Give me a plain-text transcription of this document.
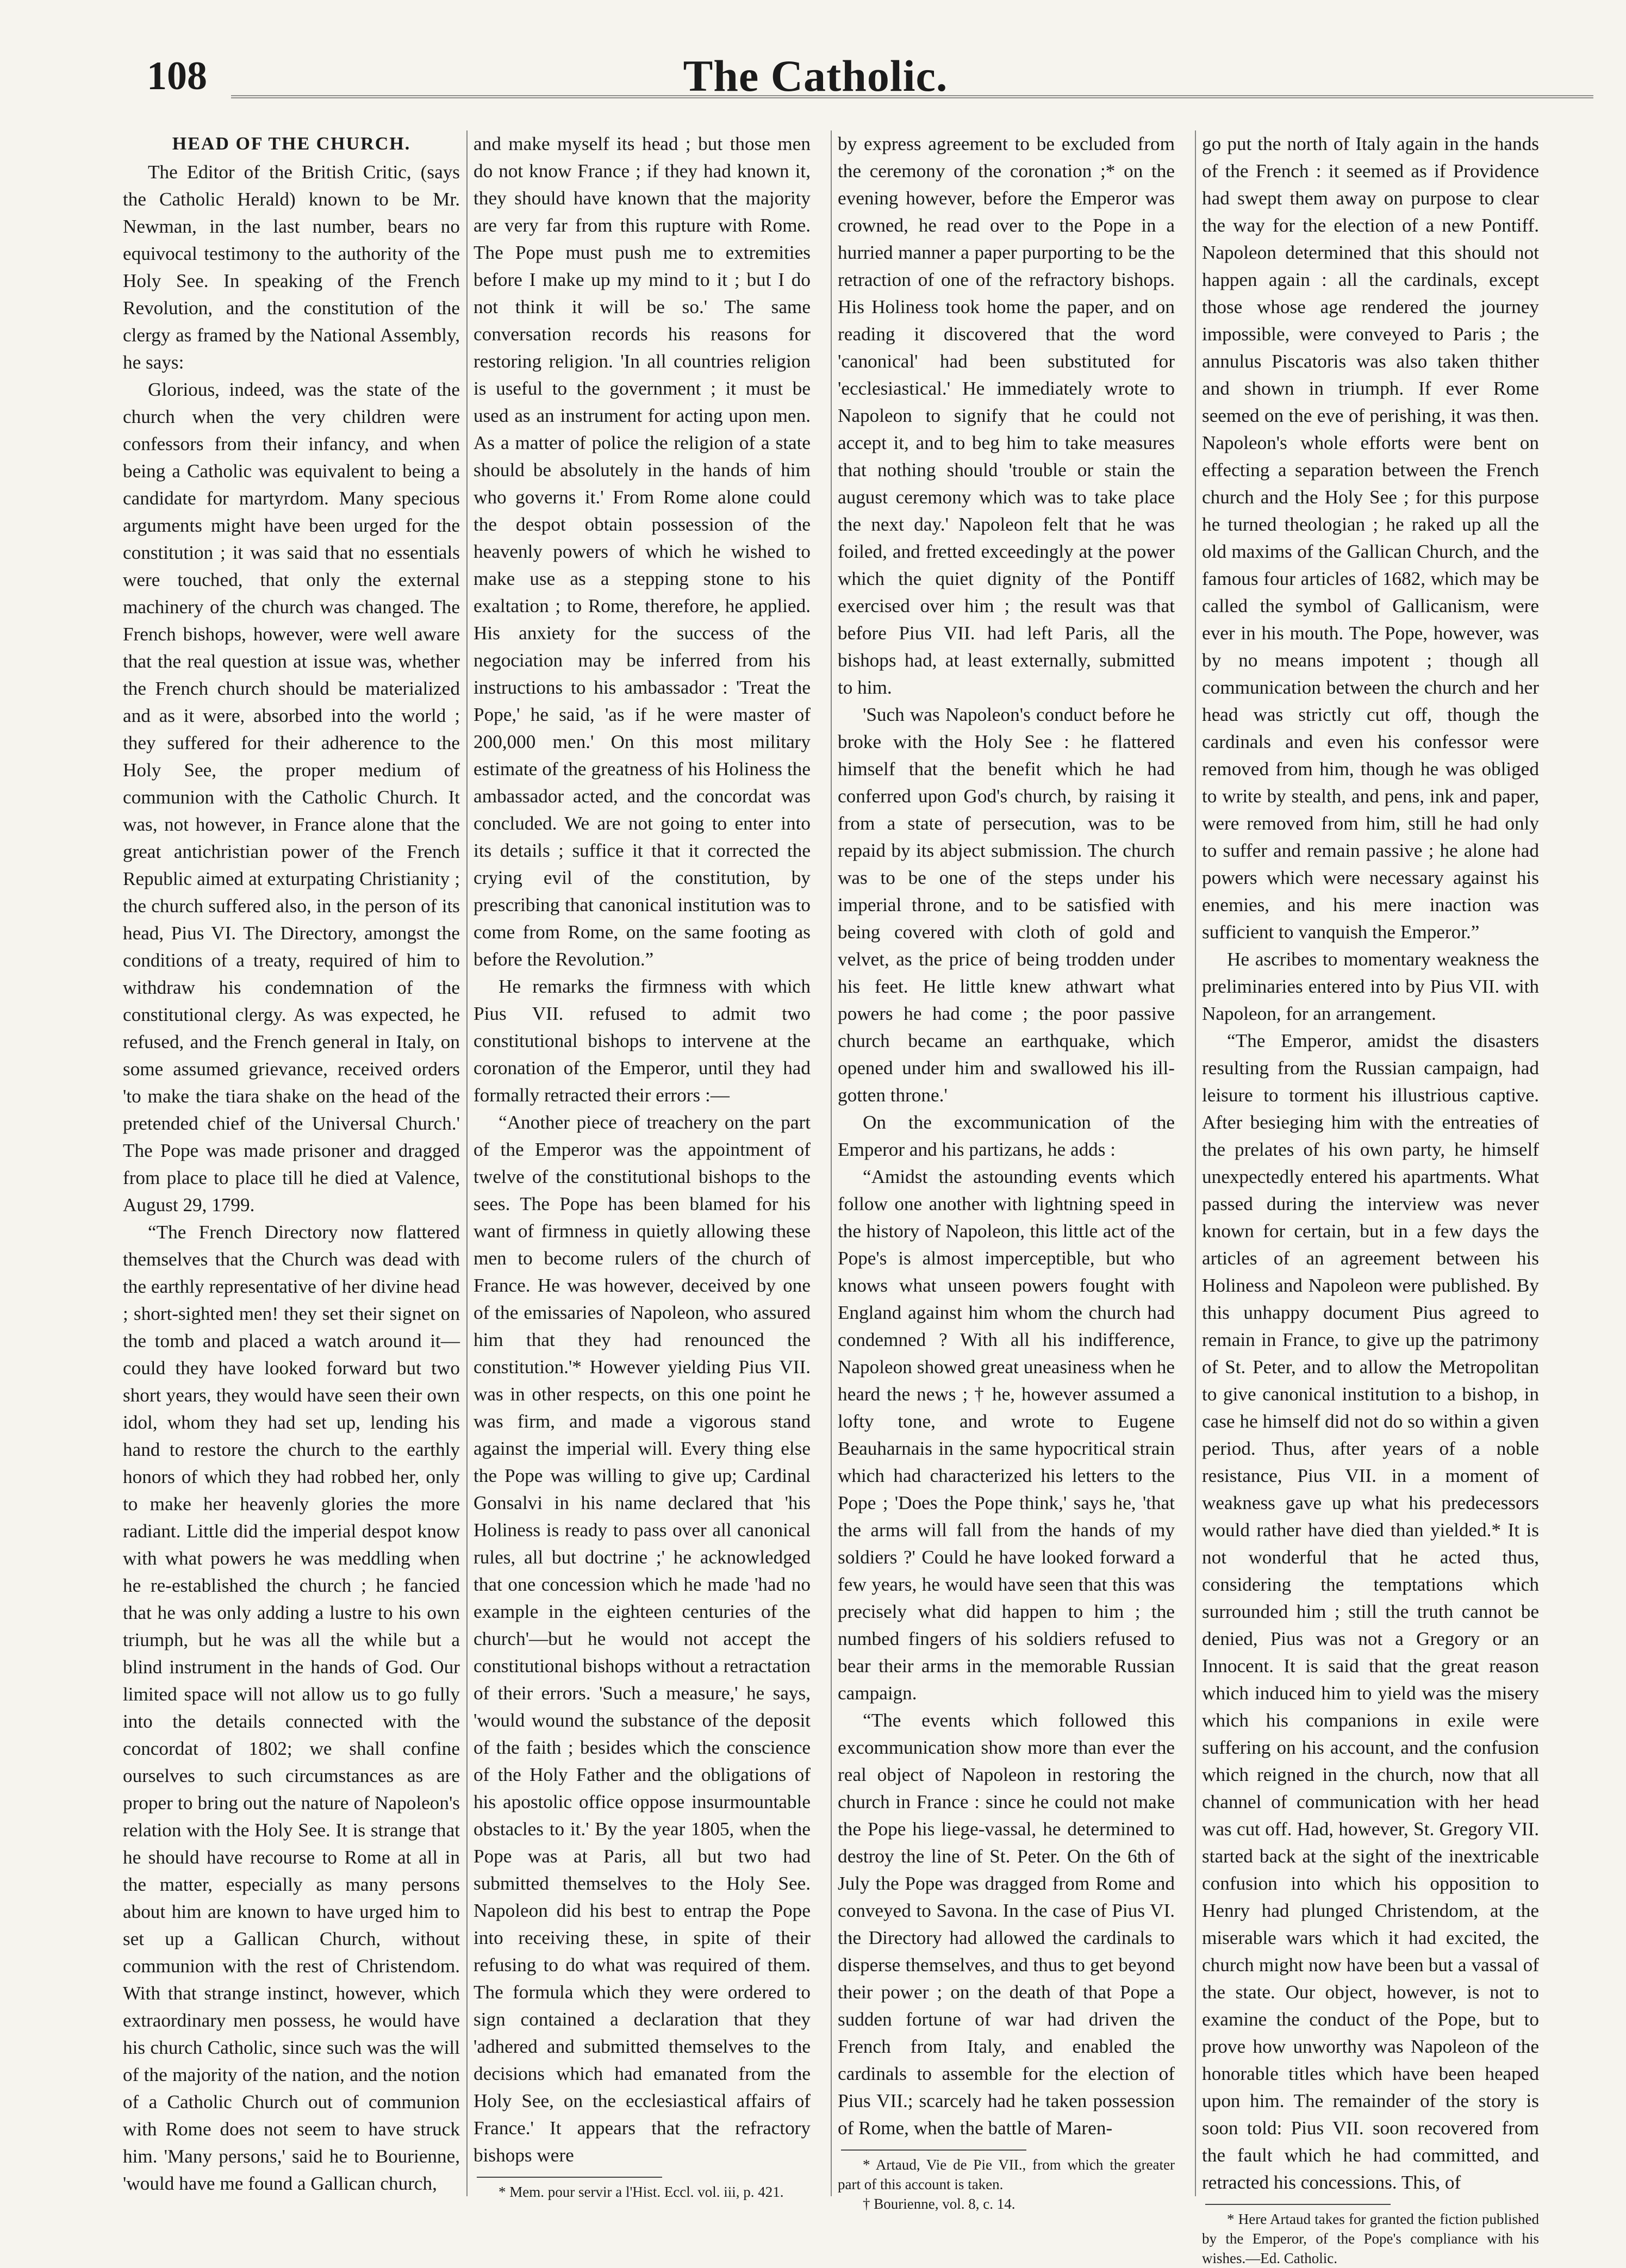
108	The Catholic.
HEAD OF THE CHURCH.

The Editor of the British Critic, (says the Catholic Herald) known to be Mr. Newman, in the last number, bears no equivocal testimony to the authority of the Holy See. In speaking of the French Revolution, and the constitution of the clergy as framed by the National Assembly, he says:

Glorious, indeed, was the state of the church when the very children were confessors from their infancy, and when being a Catholic was equivalent to being a candidate for martyrdom. Many specious arguments might have been urged for the constitution ; it was said that no essentials were touched, that only the external machinery of the church was changed. The French bishops, however, were well aware that the real question at issue was, whether the French church should be materialized and as it were, absorbed into the world ; they suffered for their adherence to the Holy See, the proper medium of communion with the Catholic Church. It was, not however, in France alone that the great antichristian power of the French Republic aimed at exturpating Christianity ; the church suffered also, in the person of its head, Pius VI. The Directory, amongst the conditions of a treaty, required of him to withdraw his condemnation of the constitutional clergy. As was expected, he refused, and the French general in Italy, on some assumed grievance, received orders 'to make the tiara shake on the head of the pretended chief of the Universal Church.' The Pope was made prisoner and dragged from place to place till he died at Valence, August 29, 1799.

“The French Directory now flattered themselves that the Church was dead with the earthly representative of her divine head ; short-sighted men! they set their signet on the tomb and placed a watch around it—could they have looked forward but two short years, they would have seen their own idol, whom they had set up, lending his hand to restore the church to the earthly honors of which they had robbed her, only to make her heavenly glories the more radiant. Little did the imperial despot know with what powers he was meddling when he re-established the church ; he fancied that he was only adding a lustre to his own triumph, but he was all the while but a blind instrument in the hands of God. Our limited space will not allow us to go fully into the details connected with the concordat of 1802; we shall confine ourselves to such circumstances as are proper to bring out the nature of Napoleon's relation with the Holy See. It is strange that he should have recourse to Rome at all in the matter, especially as many persons about him are known to have urged him to set up a Gallican Church, without communion with the rest of Christendom. With that strange instinct, however, which extraordinary men possess, he would have his church Catholic, since such was the will of the majority of the nation, and the notion of a Catholic Church out of communion with Rome does not seem to have struck him. 'Many persons,' said he to Bourienne, 'would have me found a Gallican church,

and make myself its head ; but those men do not know France ; if they had known it, they should have known that the majority are very far from this rupture with Rome. The Pope must push me to extremities before I make up my mind to it ; but I do not think it will be so.' The same conversation records his reasons for restoring religion. 'In all countries religion is useful to the government ; it must be used as an instrument for acting upon men. As a matter of police the religion of a state should be absolutely in the hands of him who governs it.' From Rome alone could the despot obtain possession of the heavenly powers of which he wished to make use as a stepping stone to his exaltation ; to Rome, therefore, he applied. His anxiety for the success of the negociation may be inferred from his instructions to his ambassador : 'Treat the Pope,' he said, 'as if he were master of 200,000 men.' On this most military estimate of the greatness of his Holiness the ambassador acted, and the concordat was concluded. We are not going to enter into its details ; suffice it that it corrected the crying evil of the constitution, by prescribing that canonical institution was to come from Rome, on the same footing as before the Revolution.”

He remarks the firmness with which Pius VII. refused to admit two constitutional bishops to intervene at the coronation of the Emperor, until they had formally retracted their errors :—

“Another piece of treachery on the part of the Emperor was the appointment of twelve of the constitutional bishops to the sees. The Pope has been blamed for his want of firmness in quietly allowing these men to become rulers of the church of France. He was however, deceived by one of the emissaries of Napoleon, who assured him that they had renounced the constitution.'* However yielding Pius VII. was in other respects, on this one point he was firm, and made a vigorous stand against the imperial will. Every thing else the Pope was willing to give up; Cardinal Gonsalvi in his name declared that 'his Holiness is ready to pass over all canonical rules, all but doctrine ;' he acknowledged that one concession which he made 'had no example in the eighteen centuries of the church'—but he would not accept the constitutional bishops without a retractation of their errors. 'Such a measure,' he says, 'would wound the substance of the deposit of the faith ; besides which the conscience of the Holy Father and the obligations of his apostolic office oppose insurmountable obstacles to it.' By the year 1805, when the Pope was at Paris, all but two had submitted themselves to the Holy See. Napoleon did his best to entrap the Pope into receiving these, in spite of their refusing to do what was required of them. The formula which they were ordered to sign contained a declaration that they 'adhered and submitted themselves to the decisions which had emanated from the Holy See, on the ecclesiastical affairs of France.' It appears that the refractory bishops were

* Mem. pour servir a l'Hist. Eccl. vol. iii, p. 421.

by express agreement to be excluded from the ceremony of the coronation ;* on the evening however, before the Emperor was crowned, he read over to the Pope in a hurried manner a paper purporting to be the retraction of one of the refractory bishops. His Holiness took home the paper, and on reading it discovered that the word 'canonical' had been substituted for 'ecclesiastical.' He immediately wrote to Napoleon to signify that he could not accept it, and to beg him to take measures that nothing should 'trouble or stain the august ceremony which was to take place the next day.' Napoleon felt that he was foiled, and fretted exceedingly at the power which the quiet dignity of the Pontiff exercised over him ; the result was that before Pius VII. had left Paris, all the bishops had, at least externally, submitted to him.

'Such was Napoleon's conduct before he broke with the Holy See : he flattered himself that the benefit which he had conferred upon God's church, by raising it from a state of persecution, was to be repaid by its abject submission. The church was to be one of the steps under his imperial throne, and to be satisfied with being covered with cloth of gold and velvet, as the price of being trodden under his feet. He little knew athwart what powers he had come ; the poor passive church became an earthquake, which opened under him and swallowed his ill-gotten throne.'

On the excommunication of the Emperor and his partizans, he adds :

“Amidst the astounding events which follow one another with lightning speed in the history of Napoleon, this little act of the Pope's is almost imperceptible, but who knows what unseen powers fought with England against him whom the church had condemned ? With all his indifference, Napoleon showed great uneasiness when he heard the news ; † he, however assumed a lofty tone, and wrote to Eugene Beauharnais in the same hypocritical strain which had characterized his letters to the Pope ; 'Does the Pope think,' says he, 'that the arms will fall from the hands of my soldiers ?' Could he have looked forward a few years, he would have seen that this was precisely what did happen to him ; the numbed fingers of his soldiers refused to bear their arms in the memorable Russian campaign.

“The events which followed this excommunication show more than ever the real object of Napoleon in restoring the church in France : since he could not make the Pope his liege-vassal, he determined to destroy the line of St. Peter. On the 6th of July the Pope was dragged from Rome and conveyed to Savona. In the case of Pius VI. the Directory had allowed the cardinals to disperse themselves, and thus to get beyond their power ; on the death of that Pope a sudden fortune of war had driven the French from Italy, and enabled the cardinals to assemble for the election of Pius VII.; scarcely had he taken possession of Rome, when the battle of Maren-

* Artaud, Vie de Pie VII., from which the greater part of this account is taken.

† Bourienne, vol. 8, c. 14.

go put the north of Italy again in the hands of the French : it seemed as if Providence had swept them away on purpose to clear the way for the election of a new Pontiff. Napoleon determined that this should not happen again : all the cardinals, except those whose age rendered the journey impossible, were conveyed to Paris ; the annulus Piscatoris was also taken thither and shown in triumph. If ever Rome seemed on the eve of perishing, it was then. Napoleon's whole efforts were bent on effecting a separation between the French church and the Holy See ; for this purpose he turned theologian ; he raked up all the old maxims of the Gallican Church, and the famous four articles of 1682, which may be called the symbol of Gallicanism, were ever in his mouth. The Pope, however, was by no means impotent ; though all communication between the church and her head was strictly cut off, though the cardinals and even his confessor were removed from him, though he was obliged to write by stealth, and pens, ink and paper, were removed from him, still he had only to suffer and remain passive ; he alone had powers which were necessary against his enemies, and his mere inaction was sufficient to vanquish the Emperor.”

He ascribes to momentary weakness the preliminaries entered into by Pius VII. with Napoleon, for an arrangement.

“The Emperor, amidst the disasters resulting from the Russian campaign, had leisure to torment his illustrious captive. After besieging him with the entreaties of the prelates of his own party, he himself unexpectedly entered his apartments. What passed during the interview was never known for certain, but in a few days the articles of an agreement between his Holiness and Napoleon were published. By this unhappy document Pius agreed to remain in France, to give up the patrimony of St. Peter, and to allow the Metropolitan to give canonical institution to a bishop, in case he himself did not do so within a given period. Thus, after years of a noble resistance, Pius VII. in a moment of weakness gave up what his predecessors would rather have died than yielded.* It is not wonderful that he acted thus, considering the temptations which surrounded him ; still the truth cannot be denied, Pius was not a Gregory or an Innocent. It is said that the great reason which induced him to yield was the misery which his companions in exile were suffering on his account, and the confusion which reigned in the church, now that all channel of communication with her head was cut off. Had, however, St. Gregory VII. started back at the sight of the inextricable confusion into which his opposition to Henry had plunged Christendom, at the miserable wars which it had excited, the church might now have been but a vassal of the state. Our object, however, is not to examine the conduct of the Pope, but to prove how unworthy was Napoleon of the honorable titles which have been heaped upon him. The remainder of the story is soon told: Pius VII. soon recovered from the fault which he had committed, and retracted his concessions. This, of

* Here Artaud takes for granted the fiction published by the Emperor, of the Pope's compliance with his wishes.—Ed. Catholic.
